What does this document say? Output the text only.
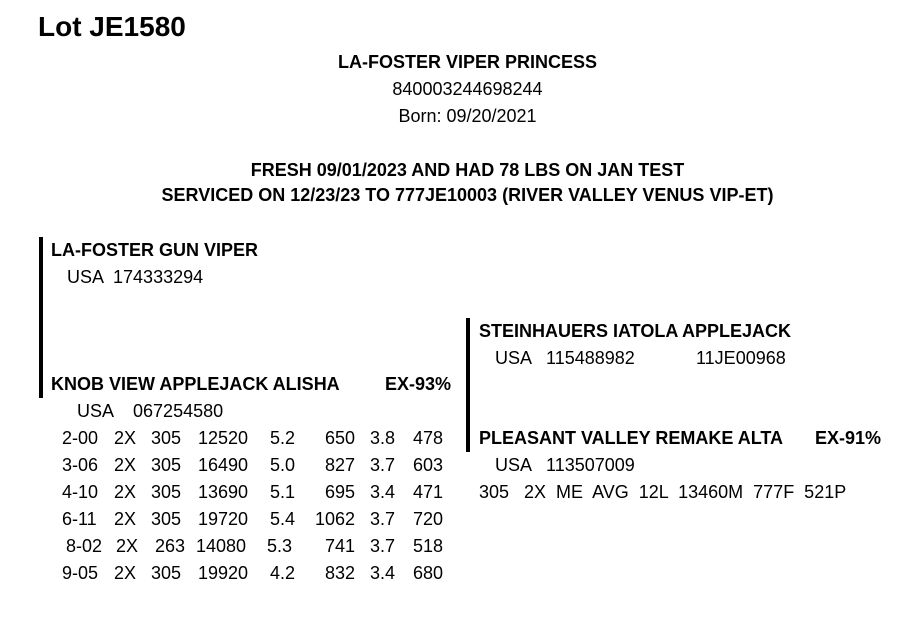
Lot JE1580
LA-FOSTER VIPER PRINCESS
840003244698244
Born: 09/20/2021
FRESH 09/01/2023 AND HAD 78 LBS ON JAN TEST
SERVICED ON 12/23/23 TO 777JE10003 (RIVER VALLEY VENUS VIP-ET)
LA-FOSTER GUN VIPER
USA  174333294
KNOB VIEW APPLEJACK ALISHA	EX-93%
USA    067254580
2-00 2X 305 12520 5.2	650 3.8 478
3-06 2X 305 16490 5.0	827 3.7 603
4-10 2X 305 13690 5.1	695 3.4 471
6-11 2X 305 19720 5.4	1062 3.7 720
8-02 2X 263 14080 5.3	741 3.7 518
9-05 2X 305 19920 4.2	832 3.4 680
STEINHAUERS IATOLA APPLEJACK
USA   115488982	11JE00968
PLEASANT VALLEY REMAKE ALTA EX-91%
USA   113507009
305   2X  ME  AVG  12L  13460M  777F  521P
